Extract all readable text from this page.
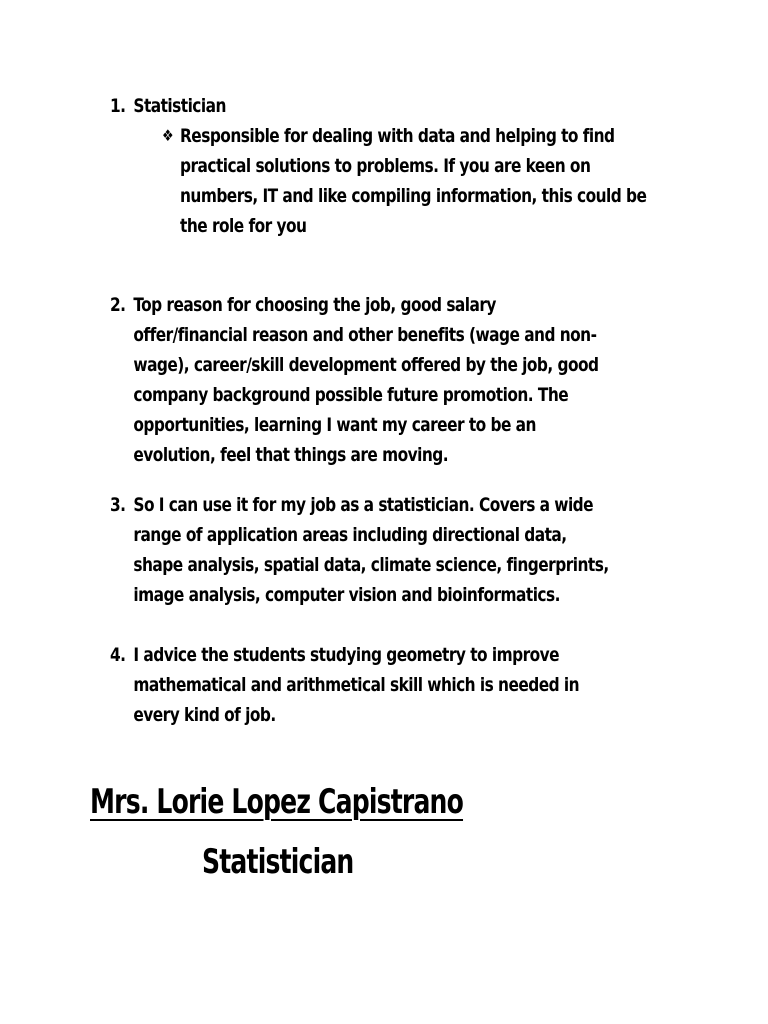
1. Statistician
❖ Responsible for dealing with data and helping to find practical solutions to problems. If you are keen on numbers, IT and like compiling information, this could be the role for you
2. Top reason for choosing the job, good salary offer/financial reason and other benefits (wage and non-wage), career/skill development offered by the job, good company background possible future promotion. The opportunities, learning I want my career to be an evolution, feel that things are moving.
3. So I can use it for my job as a statistician. Covers a wide range of application areas including directional data, shape analysis, spatial data, climate science, fingerprints, image analysis, computer vision and bioinformatics.
4. I advice the students studying geometry to improve mathematical and arithmetical skill which is needed in every kind of job.
Mrs. Lorie Lopez Capistrano
Statistician
